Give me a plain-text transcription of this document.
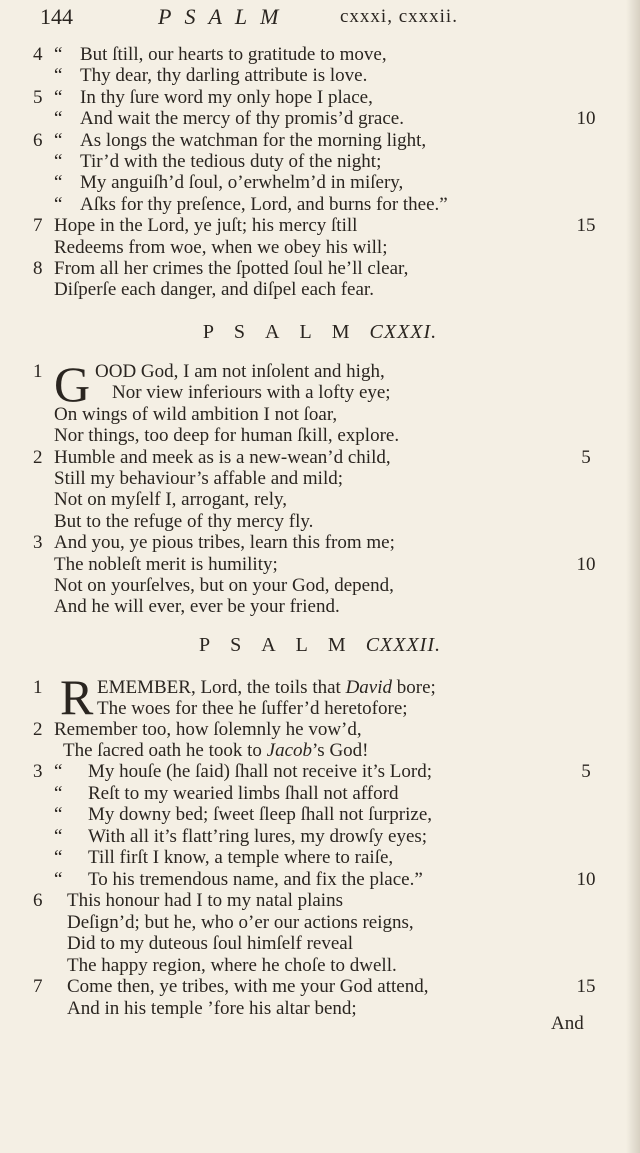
144	PSALM	cxxxi, cxxxii.
4 “ But ſtill, our hearts to gratitude to move,
“ Thy dear, thy darling attribute is love.
5 “ In thy ſure word my only hope I place,
“ And wait the mercy of thy promis’d grace.	10
6 “ As longs the watchman for the morning light,
“ Tir’d with the tedious duty of the night;
“ My anguiſh’d ſoul, o’erwhelm’d in miſery,
“ Aſks for thy preſence, Lord, and burns for thee.”
7 Hope in the Lord, ye juſt; his mercy ſtill	15
Redeems from woe, when we obey his will;
8 From all her crimes the ſpotted ſoul he’ll clear,
Diſperſe each danger, and diſpel each fear.
PSALMCXXXI.
G
1	OOD God, I am not inſolent and high,
Nor view inferiours with a lofty eye;
On wings of wild ambition I not ſoar,
Nor things, too deep for human ſkill, explore.
2 Humble and meek as is a new-wean’d child,	5
Still my behaviour’s affable and mild;
Not on myſelf I, arrogant, rely,
But to the refuge of thy mercy fly.
3 And you, ye pious tribes, learn this from me;
The nobleſt merit is humility;	10
Not on yourſelves, but on your God, depend,
And he will ever, ever be your friend.
PSALMCXXXII.
R
1	EMEMBER, Lord, the toils that David bore;
The woes for thee he ſuffer’d heretofore;
2 Remember too, how ſolemnly he vow’d,
The ſacred oath he took to Jacob’s God!
3 “	My houſe (he ſaid) ſhall not receive it’s Lord;	5
“	Reſt to my wearied limbs ſhall not afford
“	My downy bed; ſweet ſleep ſhall not ſurprize,
“	With all it’s flatt’ring lures, my drowſy eyes;
“	Till firſt I know, a temple where to raiſe,
“	To his tremendous name, and fix the place.”	10
6	This honour had I to my natal plains
Deſign’d; but he, who o’er our actions reigns,
Did to my duteous ſoul himſelf reveal
The happy region, where he choſe to dwell.
7	Come then, ye tribes, with me your God attend,	15
And in his temple ’fore his altar bend;
And
